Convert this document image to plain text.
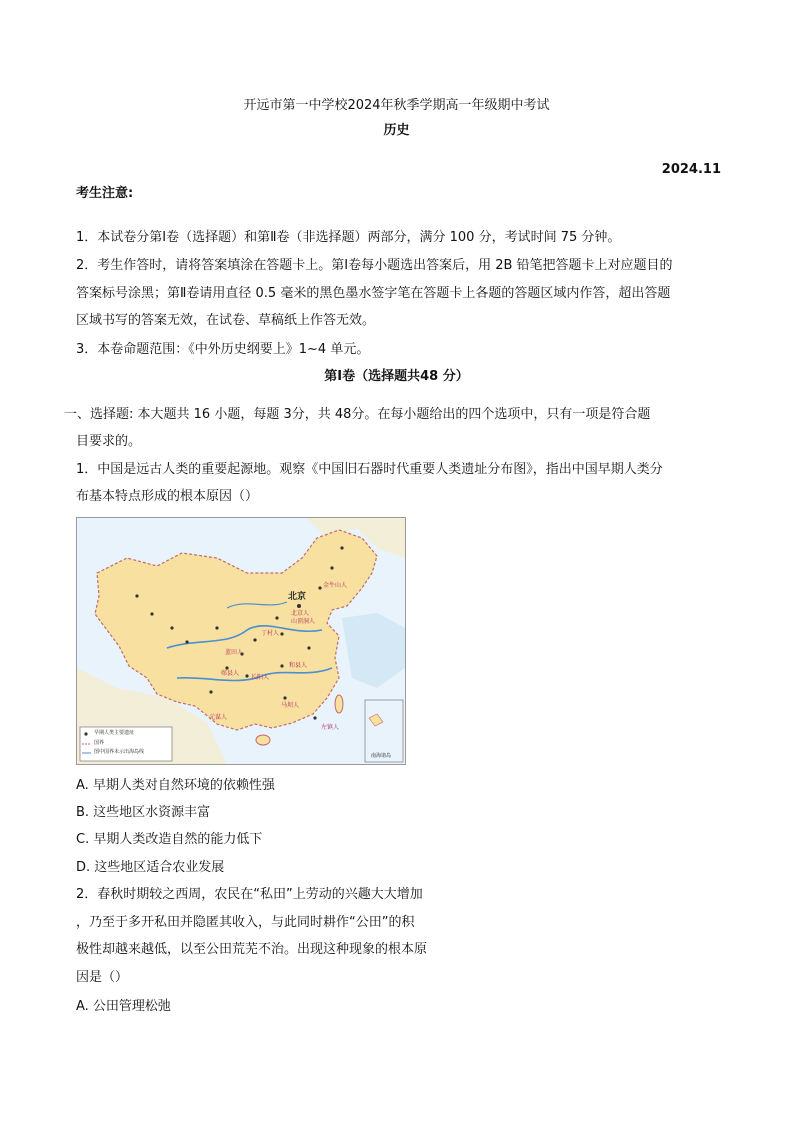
开远市第一中学校2024年秋季学期高一年级期中考试
历史
2024.11
考生注意:
1．本试卷分第Ⅰ卷（选择题）和第Ⅱ卷（非选择题）两部分，满分 100 分，考试时间 75 分钟。
2．考生作答时，请将答案填涂在答题卡上。第Ⅰ卷每小题选出答案后，用 2B 铅笔把答题卡上对应题目的
答案标号涂黑；第Ⅱ卷请用直径 0.5 毫米的黑色墨水签字笔在答题卡上各题的答题区域内作答，超出答题
区域书写的答案无效，在试卷、草稿纸上作答无效。
3．本卷命题范围：《中外历史纲要上》1~4 单元。
第Ⅰ卷（选择题共48 分）
一、选择题: 本大题共 16 小题，每题 3分，共 48分。在每小题给出的四个选项中，只有一项是符合题
目要求的。
1．中国是远古人类的重要起源地。观察《中国旧石器时代重要人类遗址分布图》，指出中国早期人类分
布基本特点形成的根本原因（）
北京
金牛山人
北京人
山顶洞人
丁村人
蓝田人
和县人
郧县人
长阳人
元谋人
马坝人
左镇人
早期人类主要遗址
国界
图中国界未示出海岛线
南海诸岛
A. 早期人类对自然环境的依赖性强
B. 这些地区水资源丰富
C. 早期人类改造自然的能力低下
D. 这些地区适合农业发展
2．春秋时期较之西周，农民在“私田”上劳动的兴趣大大增加
，乃至于多开私田并隐匿其收入，与此同时耕作“公田”的积
极性却越来越低，以至公田荒芜不治。出现这种现象的根本原
因是（）
A. 公田管理松弛
